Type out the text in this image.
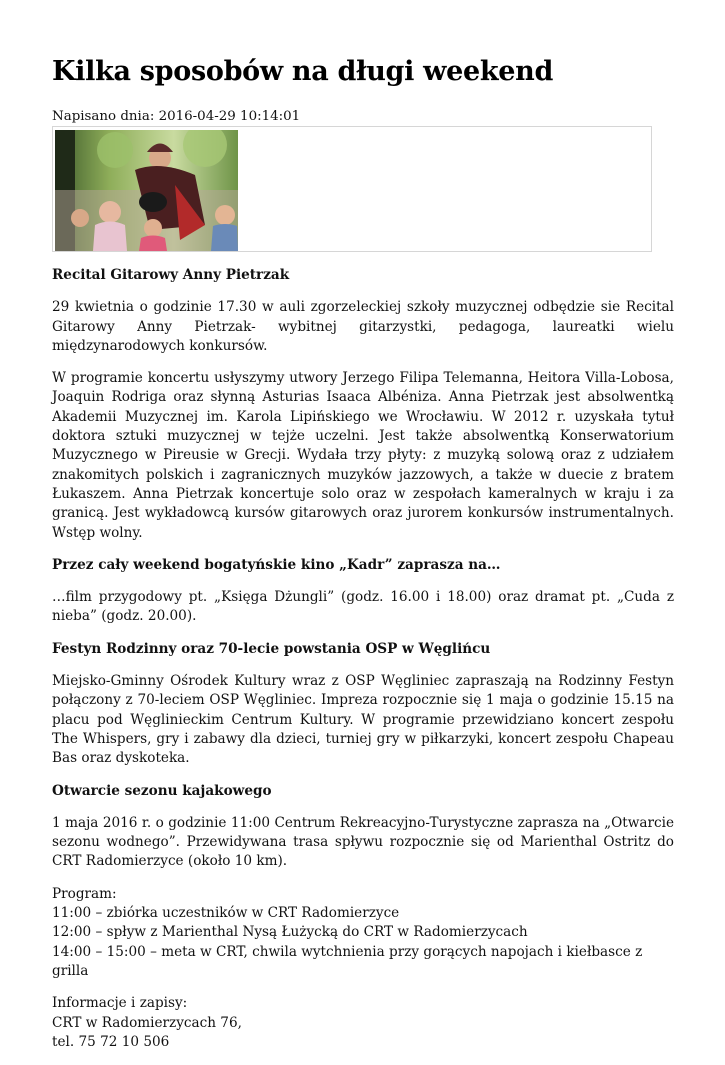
Kilka sposobów na długi weekend
Napisano dnia: 2016-04-29 10:14:01
Recital Gitarowy Anny Pietrzak

29 kwietnia o godzinie 17.30 w auli zgorzeleckiej szkoły muzycznej odbędzie sie Recital Gitarowy Anny Pietrzak- wybitnej gitarzystki, pedagoga, laureatki wielu międzynarodowych konkursów.

W programie koncertu usłyszymy utwory Jerzego Filipa Telemanna, Heitora Villa-Lobosa, Joaquin Rodriga oraz słynną Asturias Isaaca Albéniza. Anna Pietrzak jest absolwentką Akademii Muzycznej im. Karola Lipińskiego we Wrocławiu. W 2012 r. uzyskała tytuł doktora sztuki muzycznej w tejże uczelni. Jest także absolwentką Konserwatorium Muzycznego w Pireusie w Grecji. Wydała trzy płyty: z muzyką solową oraz z udziałem znakomitych polskich i zagranicznych muzyków jazzowych, a także w duecie z bratem Łukaszem. Anna Pietrzak koncertuje solo oraz w zespołach kameralnych w kraju i za granicą. Jest wykładowcą kursów gitarowych oraz jurorem konkursów instrumentalnych. Wstęp wolny.

Przez cały weekend bogatyńskie kino „Kadr” zaprasza na…

…film przygodowy pt. „Księga Dżungli” (godz. 16.00 i 18.00) oraz dramat pt. „Cuda z nieba” (godz. 20.00).

Festyn Rodzinny oraz 70-lecie powstania OSP w Węglińcu

Miejsko-Gminny Ośrodek Kultury wraz z OSP Węgliniec zapraszają na Rodzinny Festyn połączony z 70-leciem OSP Węgliniec. Impreza rozpocznie się 1 maja o godzinie 15.15 na placu pod Węglinieckim Centrum Kultury. W programie przewidziano koncert zespołu The Whispers, gry i zabawy dla dzieci, turniej gry w piłkarzyki, koncert zespołu Chapeau Bas oraz dyskoteka.

Otwarcie sezonu kajakowego

1 maja 2016 r. o godzinie 11:00 Centrum Rekreacyjno-Turystyczne zaprasza na „Otwarcie sezonu wodnego”. Przewidywana trasa spływu rozpocznie się od Marienthal Ostritz do CRT Radomierzyce (około 10 km).

Program:
11:00 – zbiórka uczestników w CRT Radomierzyce
12:00 – spływ z Marienthal Nysą Łużycką do CRT w Radomierzycach
14:00 – 15:00 – meta w CRT, chwila wytchnienia przy gorących napojach i kiełbasce z grilla

Informacje i zapisy:
CRT w Radomierzycach 76,
tel. 75 72 10 506
